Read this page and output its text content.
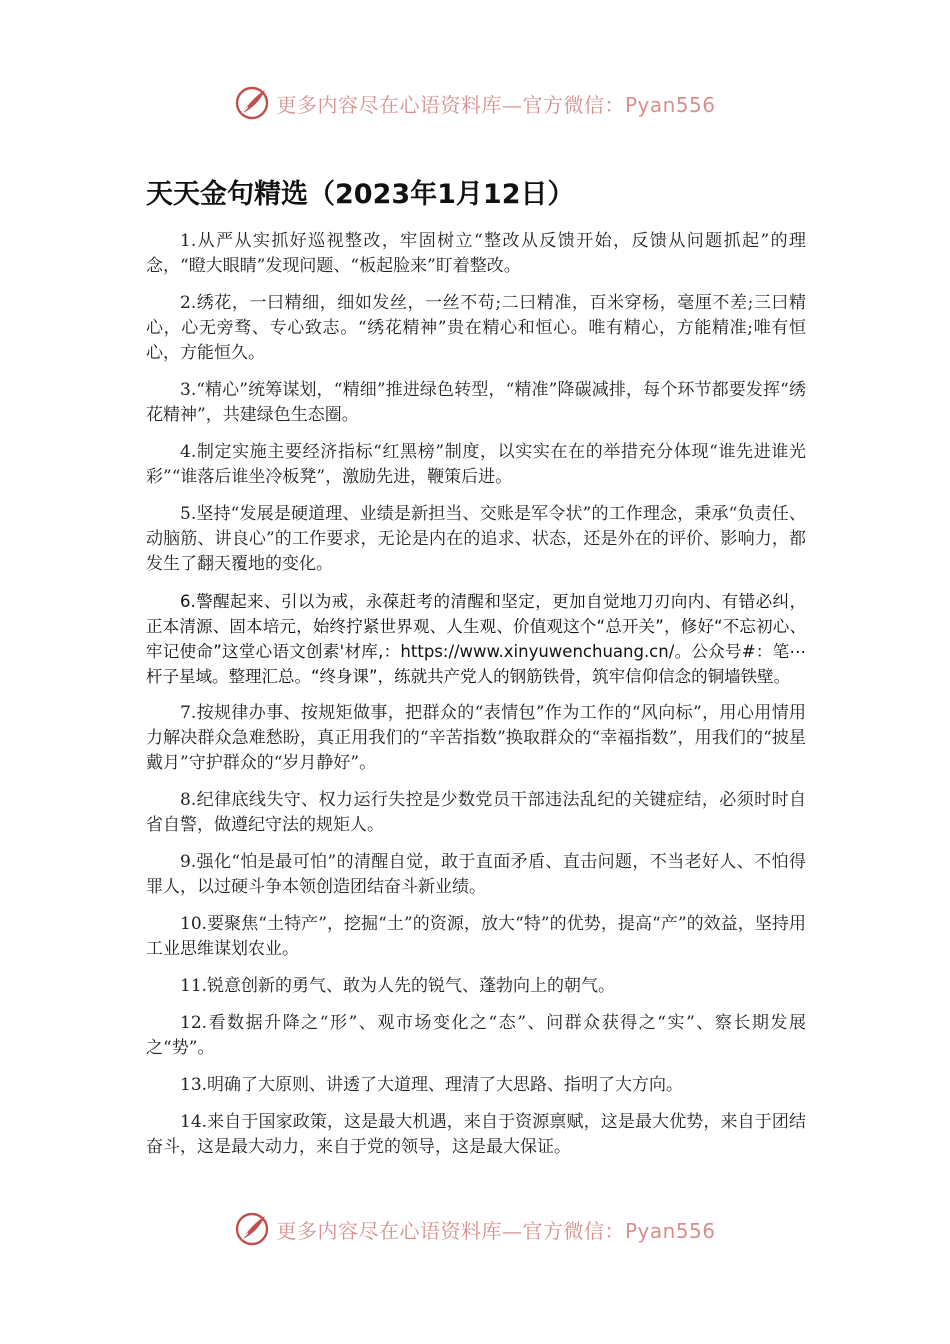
更多内容尽在心语资料库—官方微信：Pyan556
天天金句精选（2023年1月12日）

1.从严从实抓好巡视整改，牢固树立“整改从反馈开始，反馈从问题抓起”的理念，“瞪大眼睛”发现问题、“板起脸来”盯着整改。

2.绣花，一曰精细，细如发丝，一丝不苟;二曰精准，百米穿杨，毫厘不差;三曰精心，心无旁骛、专心致志。“绣花精神”贵在精心和恒心。唯有精心，方能精准;唯有恒心，方能恒久。

3.“精心”统筹谋划，“精细”推进绿色转型，“精准”降碳减排，每个环节都要发挥“绣花精神”，共建绿色生态圈。

4.制定实施主要经济指标“红黑榜”制度，以实实在在的举措充分体现“谁先进谁光彩”“谁落后谁坐冷板凳”，激励先进，鞭策后进。

5.坚持“发展是硬道理、业绩是新担当、交账是军令状”的工作理念，秉承“负责任、动脑筋、讲良心”的工作要求，无论是内在的追求、状态，还是外在的评价、影响力，都发生了翻天覆地的变化。

6.警醒起来、引以为戒，永葆赶考的清醒和坚定，更加自觉地刀刃向内、有错必纠，正本清源、固本培元，始终拧紧世界观、人生观、价值观这个“总开关”，修好“不忘初心、牢记使命”这堂心语文创素'材库,：https://www.xinyuwenchuang.cn/。公众号#：笔⋯杆子星域。整理汇总。“终身课”，练就共产党人的钢筋铁骨，筑牢信仰信念的铜墙铁壁。

7.按规律办事、按规矩做事，把群众的“表情包”作为工作的“风向标”，用心用情用力解决群众急难愁盼，真正用我们的“辛苦指数”换取群众的“幸福指数”，用我们的“披星戴月”守护群众的“岁月静好”。

8.纪律底线失守、权力运行失控是少数党员干部违法乱纪的关键症结，必须时时自省自警，做遵纪守法的规矩人。

9.强化“怕是最可怕”的清醒自觉，敢于直面矛盾、直击问题，不当老好人、不怕得罪人，以过硬斗争本领创造团结奋斗新业绩。

10.要聚焦“土特产”，挖掘“土”的资源，放大“特”的优势，提高“产”的效益，坚持用工业思维谋划农业。

11.锐意创新的勇气、敢为人先的锐气、蓬勃向上的朝气。

12.看数据升降之“形”、观市场变化之“态”、问群众获得之“实”、察长期发展之“势”。

13.明确了大原则、讲透了大道理、理清了大思路、指明了大方向。

14.来自于国家政策，这是最大机遇，来自于资源禀赋，这是最大优势，来自于团结奋斗，这是最大动力，来自于党的领导，这是最大保证。

更多内容尽在心语资料库—官方微信：Pyan556
